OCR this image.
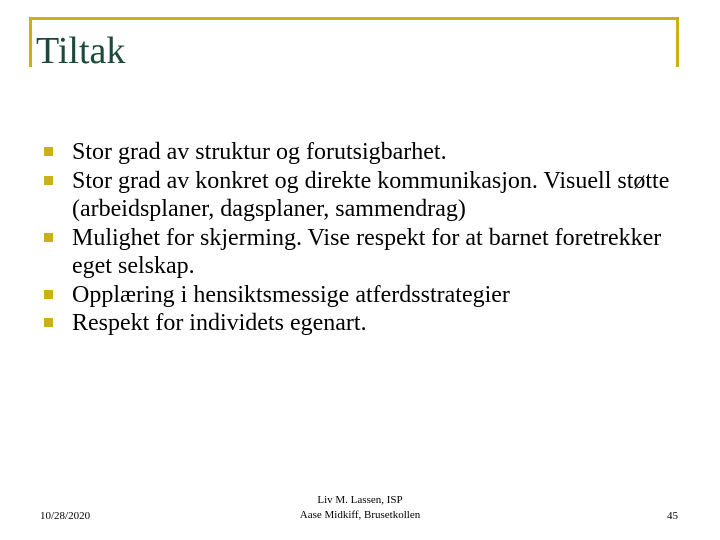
Tiltak
Stor grad av struktur og forutsigbarhet.
Stor grad av konkret og direkte kommunikasjon. Visuell støtte (arbeidsplaner, dagsplaner, sammendrag)
Mulighet for skjerming. Vise respekt for at barnet foretrekker eget selskap.
Opplæring i hensiktsmessige atferdsstrategier
Respekt for individets egenart.
10/28/2020
Liv M. Lassen, ISP
Aase Midkiff, Brusetkollen	45
